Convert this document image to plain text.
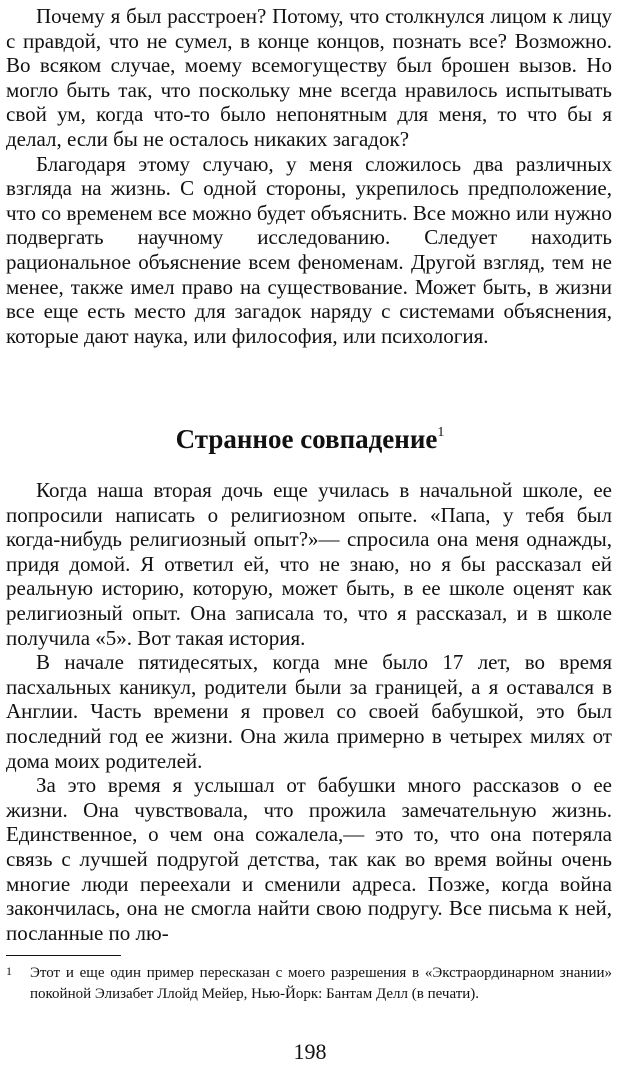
Почему я был расстроен? Потому, что столкнулся лицом к лицу с правдой, что не сумел, в конце концов, познать все? Возможно. Во всяком случае, моему всемогуществу был брошен вызов. Но могло быть так, что поскольку мне всегда нравилось испытывать свой ум, когда что-то было непонятным для меня, то что бы я делал, если бы не осталось никаких загадок?

Благодаря этому случаю, у меня сложилось два различных взгляда на жизнь. С одной стороны, укрепилось предположение, что со временем все можно будет объяснить. Все можно или нужно подвергать научному исследованию. Следует находить рациональное объяснение всем феноменам. Другой взгляд, тем не менее, также имел право на существование. Может быть, в жизни все еще есть место для загадок наряду с системами объяснения, которые дают наука, или философия, или психология.

Странное совпадение$^1$

Когда наша вторая дочь еще училась в начальной школе, ее попросили написать о религиозном опыте. «Папа, у тебя был когда-нибудь религиозный опыт?»— спросила она меня однажды, придя домой. Я ответил ей, что не знаю, но я бы рассказал ей реальную историю, которую, может быть, в ее школе оценят как религиозный опыт. Она записала то, что я рассказал, и в школе получила «5». Вот такая история.

В начале пятидесятых, когда мне было 17 лет, во время пасхальных каникул, родители были за границей, а я оставался в Англии. Часть времени я провел со своей бабушкой, это был последний год ее жизни. Она жила примерно в четырех милях от дома моих родителей.

За это время я услышал от бабушки много рассказов о ее жизни. Она чувствовала, что прожила замечательную жизнь. Единственное, о чем она сожалела,— это то, что она потеряла связь с лучшей подругой детства, так как во время войны очень многие люди переехали и сменили адреса. Позже, когда война закончилась, она не смогла найти свою подругу. Все письма к ней, посланные по лю-

1	Этот и еще один пример пересказан с моего разрешения в «Экстраординарном знании» покойной Элизабет Ллойд Мейер, Нью-Йорк: Бантам Делл (в печати).
198
